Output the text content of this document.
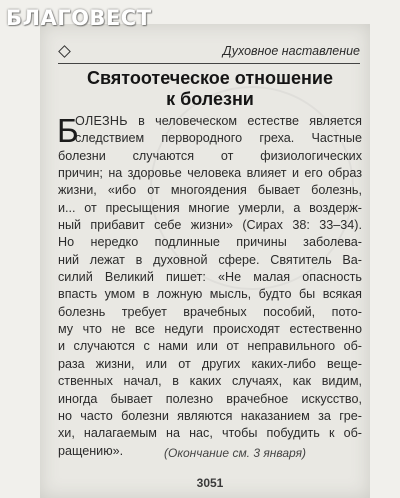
БЛАГОВЕСТ
Духовное наставление
Святоотеческое отношение
к болезни
Б
ОЛЕЗНЬ в человеческом естестве является
следствием первородного греха. Частные
болезни случаются от физиологических
причин; на здоровье человека влияет и его образ
жизни, «ибо от многоядения бывает болезнь,
и... от пресыщения многие умерли, а воздерж-
ный прибавит себе жизни» (Сирах 38: 33–34).
Но нередко подлинные причины заболева-
ний лежат в духовной сфере. Святитель Ва-
силий Великий пишет: «Не малая опасность
впасть умом в ложную мысль, будто бы всякая
болезнь требует врачебных пособий, пото-
му что не все недуги происходят естественно
и случаются с нами или от неправильного об-
раза жизни, или от других каких-либо веще-
ственных начал, в каких случаях, как видим,
иногда бывает полезно врачебное искусство,
но часто болезни являются наказанием за гре-
хи, налагаемым на нас, чтобы побудить к об-
ращению».	(Окончание см. 3 января)
3051
